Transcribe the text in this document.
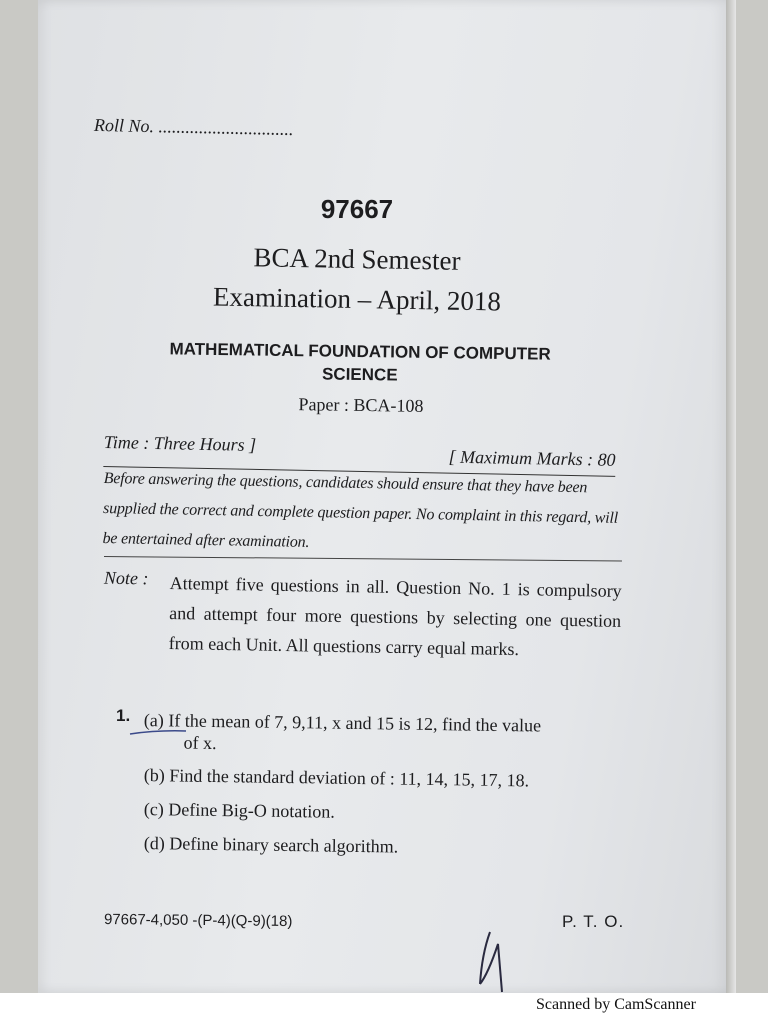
Roll No. ..............................
97667
BCA 2nd Semester
Examination – April, 2018
MATHEMATICAL FOUNDATION OF COMPUTER SCIENCE
Paper : BCA-108
Time : Three Hours ]
[ Maximum Marks : 80
Before answering the questions, candidates should ensure that they have been supplied the correct and complete question paper. No complaint in this regard, will be entertained after examination.
Note : Attempt five questions in all. Question No. 1 is compulsory and attempt four more questions by selecting one question from each Unit. All questions carry equal marks.
1. (a) If the mean of 7, 9,11, x and 15 is 12, find the value
of x.
(b) Find the standard deviation of : 11, 14, 15, 17, 18.
(c) Define Big-O notation.
(d) Define binary search algorithm.
97667-4,050 -(P-4)(Q-9)(18)	P. T. O.
Scanned by CamScanner
